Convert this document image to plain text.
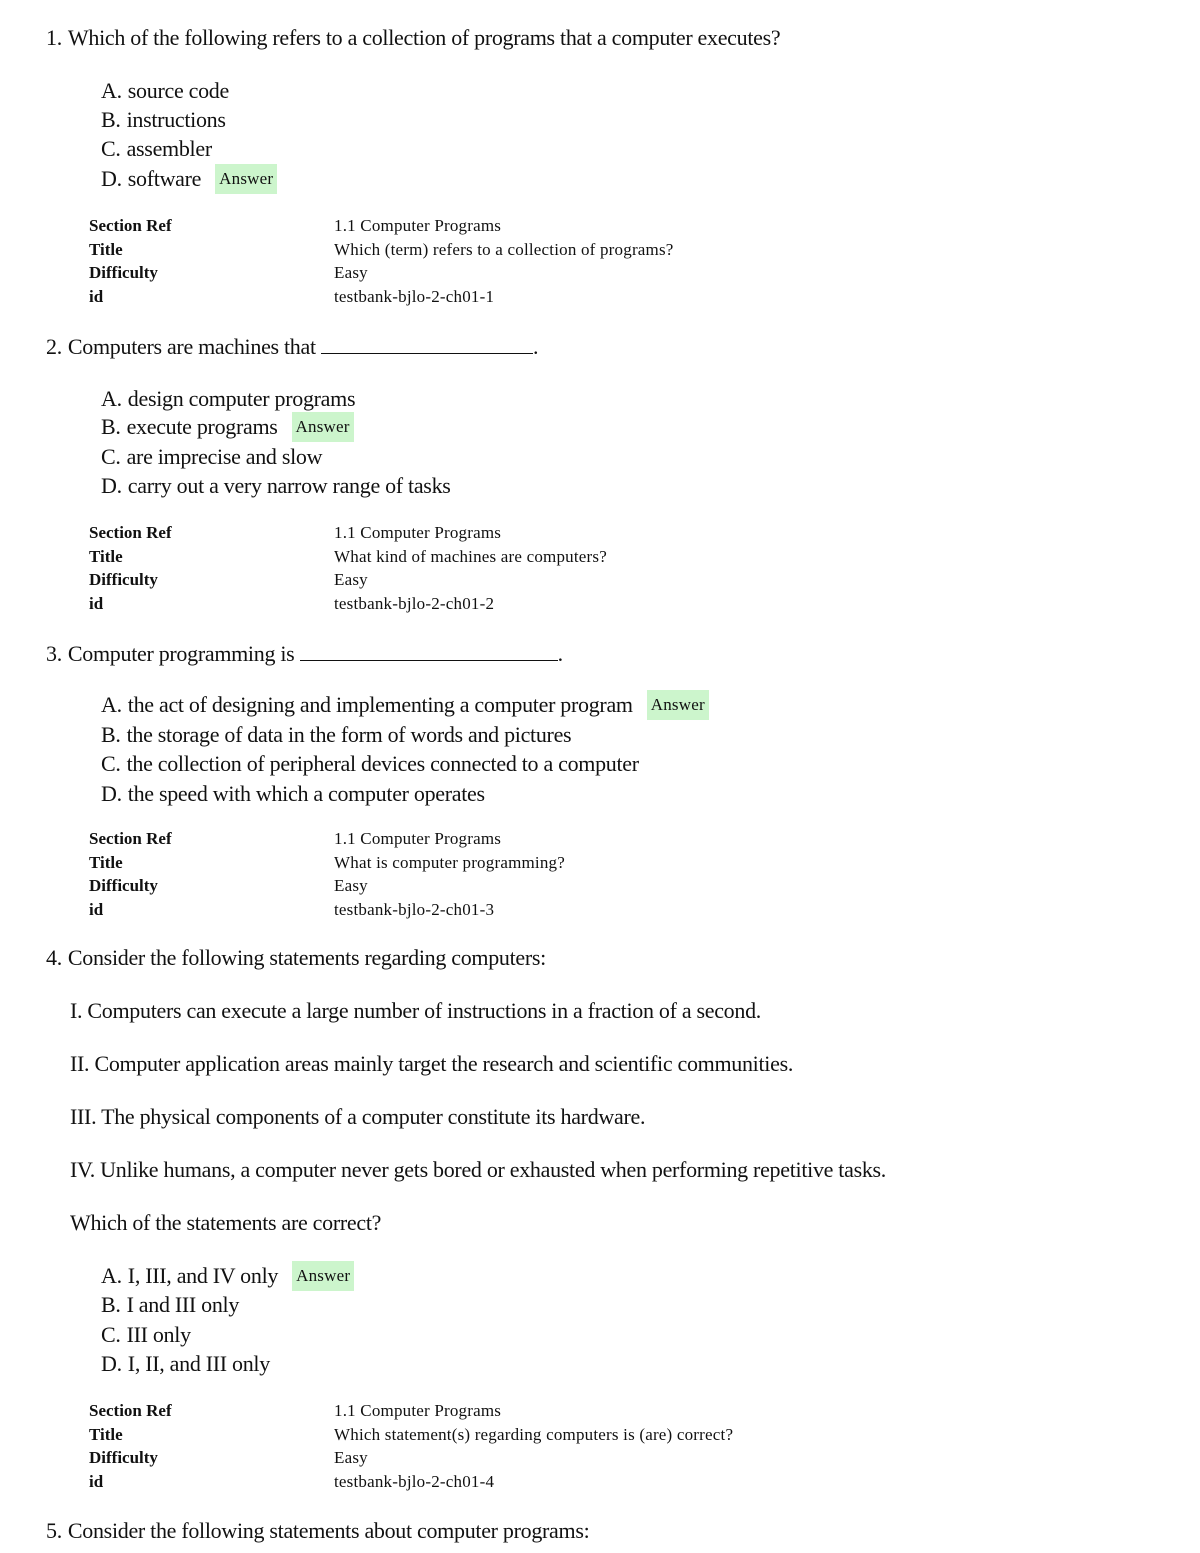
1. Which of the following refers to a collection of programs that a computer executes?
A. source code
B. instructions
C. assembler
D. software Answer
Section Ref	1.1 Computer Programs
Title	Which (term) refers to a collection of programs?
Difficulty	Easy
id	testbank-bjlo-2-ch01-1
2. Computers are machines that	.
A. design computer programs
B. execute programs Answer
C. are imprecise and slow
D. carry out a very narrow range of tasks
Section Ref	1.1 Computer Programs
Title	What kind of machines are computers?
Difficulty	Easy
id	testbank-bjlo-2-ch01-2
3. Computer programming is	.
A. the act of designing and implementing a computer program Answer
B. the storage of data in the form of words and pictures
C. the collection of peripheral devices connected to a computer
D. the speed with which a computer operates
Section Ref	1.1 Computer Programs
Title	What is computer programming?
Difficulty	Easy
id	testbank-bjlo-2-ch01-3
4. Consider the following statements regarding computers:
I. Computers can execute a large number of instructions in a fraction of a second.
II. Computer application areas mainly target the research and scientific communities.
III. The physical components of a computer constitute its hardware.
IV. Unlike humans, a computer never gets bored or exhausted when performing repetitive tasks.
Which of the statements are correct?
A. I, III, and IV only Answer
B. I and III only
C. III only
D. I, II, and III only
Section Ref	1.1 Computer Programs
Title	Which statement(s) regarding computers is (are) correct?
Difficulty	Easy
id	testbank-bjlo-2-ch01-4
5. Consider the following statements about computer programs:
